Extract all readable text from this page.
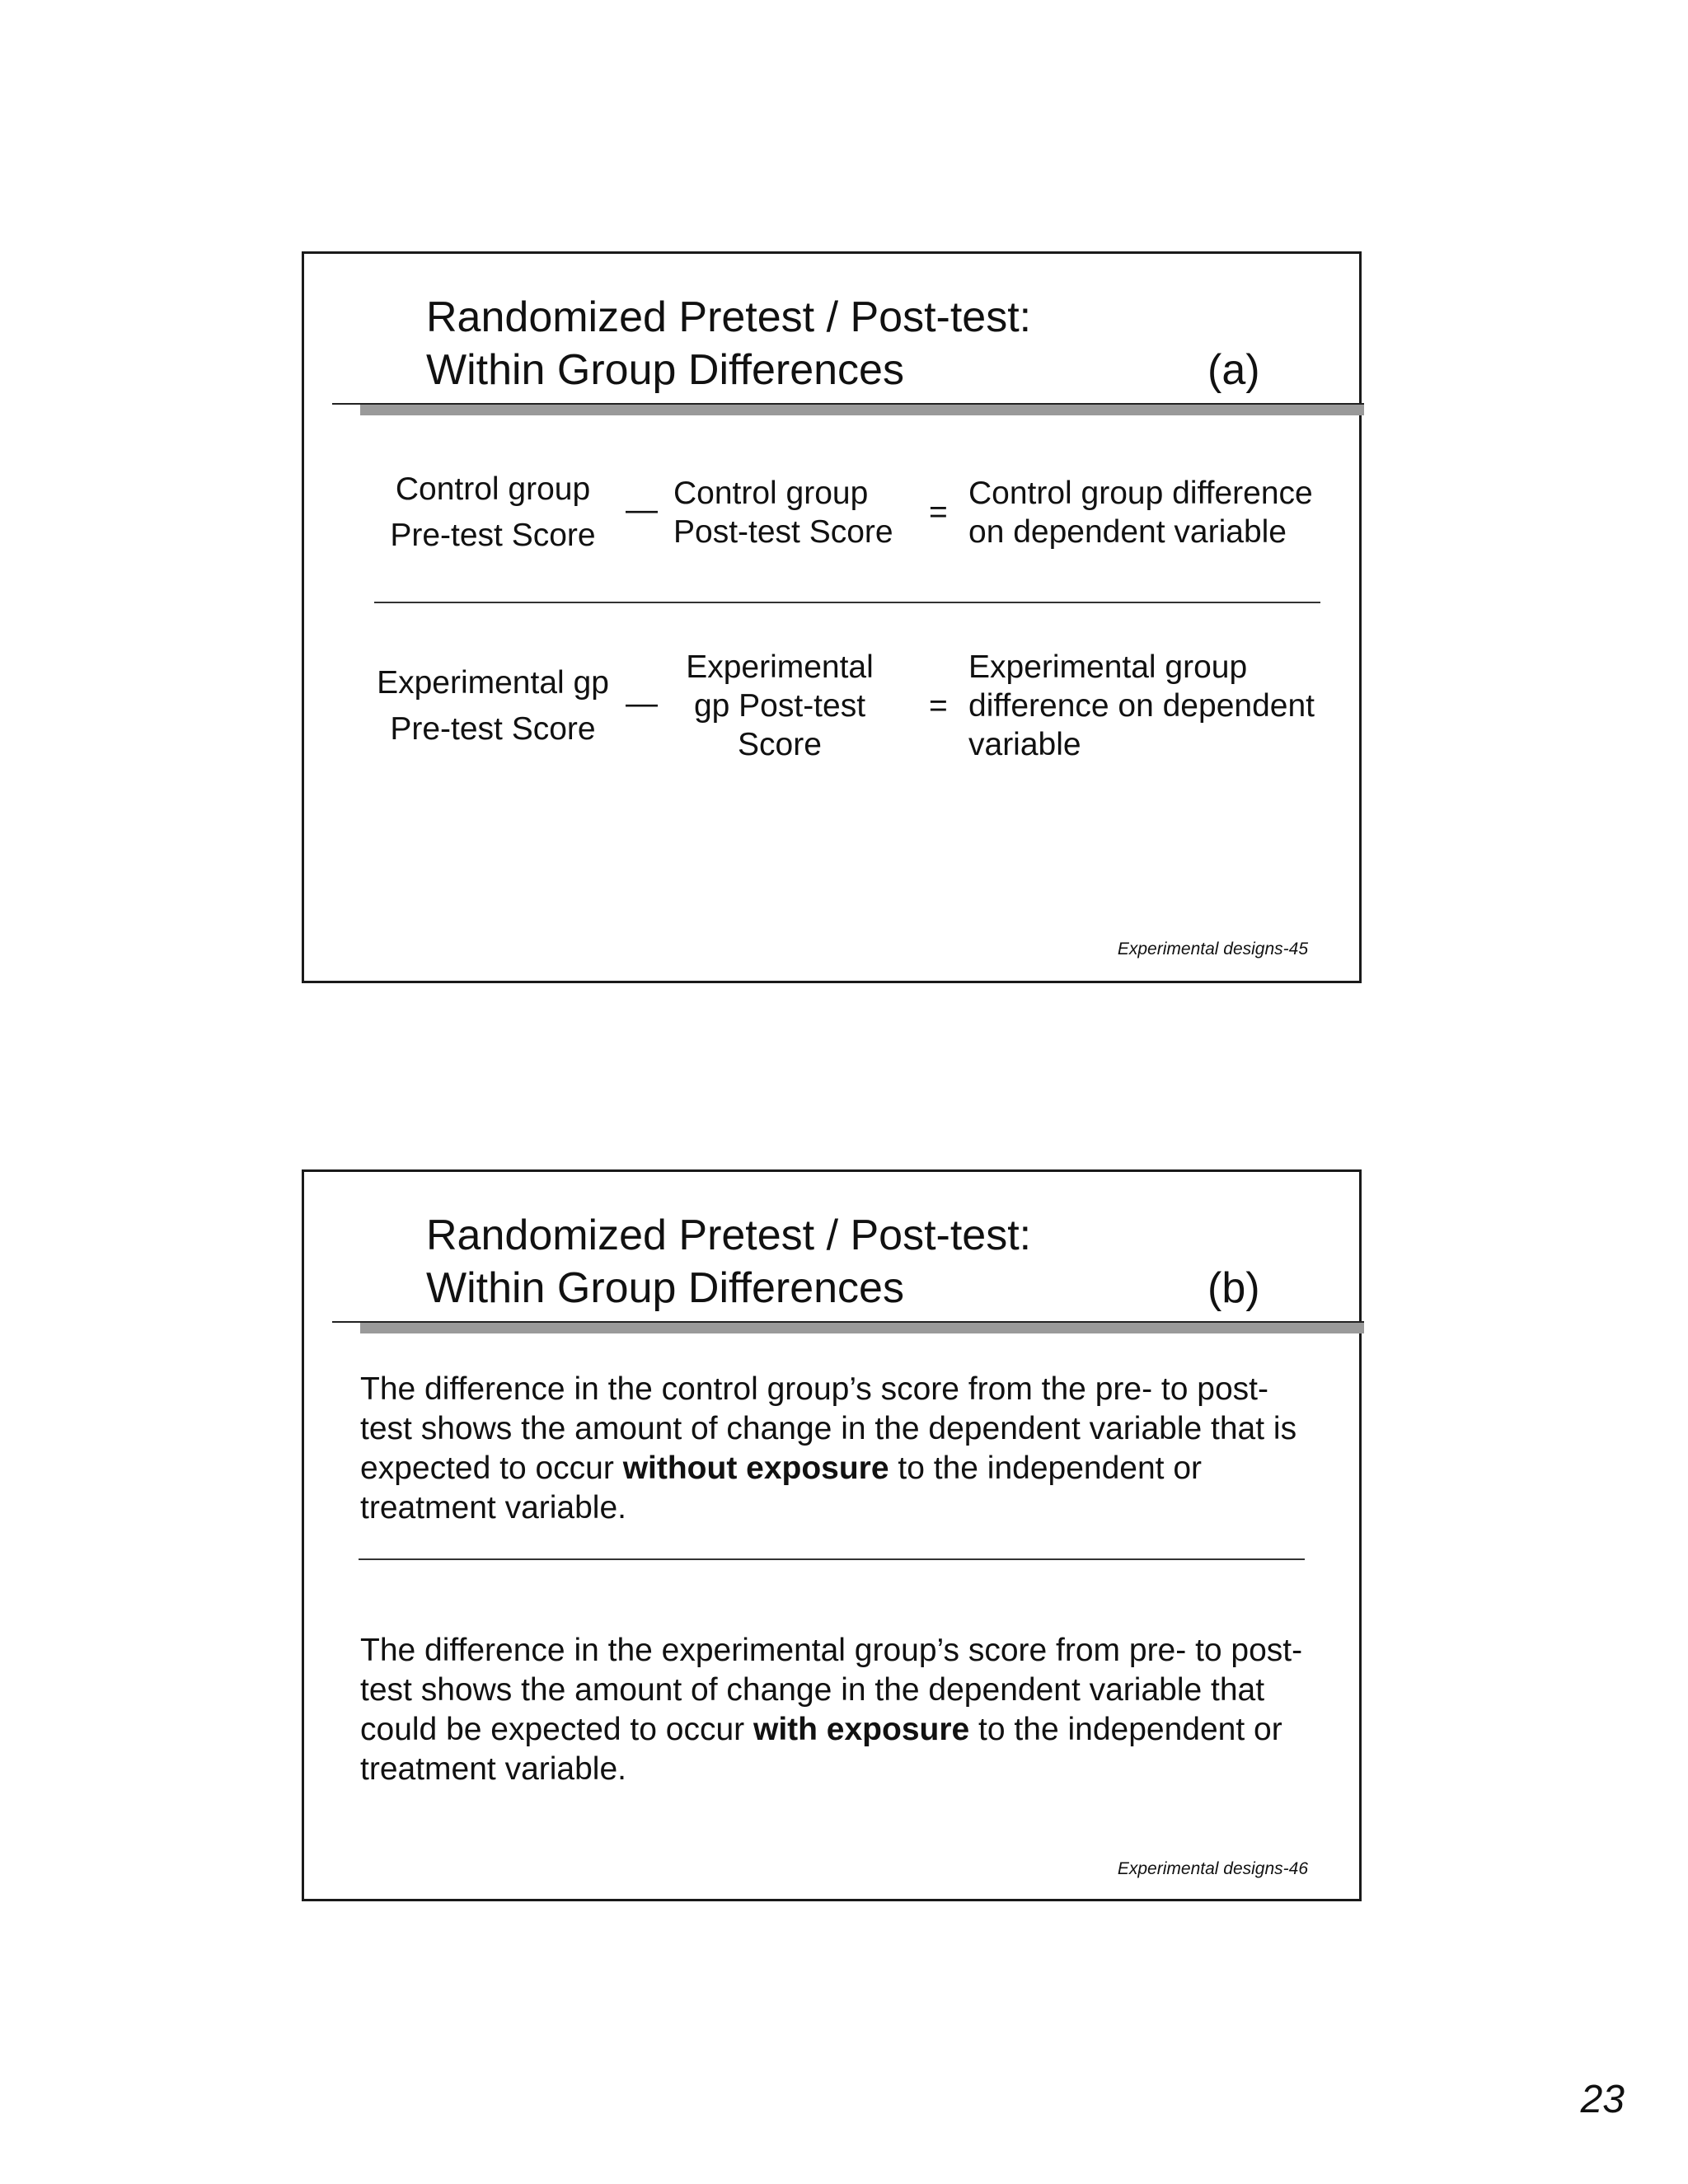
Randomized Pretest / Post-test:
Within Group Differences	(a)
Control group
Pre-test Score
— Control group
Post-test Score
=
Control group difference
on dependent variable
Experimental gp
Pre-test Score
—
Experimental
gp Post-test
Score
=
Experimental group
difference on dependent
variable
Experimental designs-45
Randomized Pretest / Post-test:
Within Group Differences	(b)
The difference in the control group’s score from the pre- to post-
test shows the amount of change in the dependent variable that is
expected to occur without exposure to the independent or
treatment variable.
The difference in the experimental group’s score from pre- to post-
test shows the amount of change in the dependent variable that
could be expected to occur with exposure to the independent or
treatment variable.
Experimental designs-46
23
